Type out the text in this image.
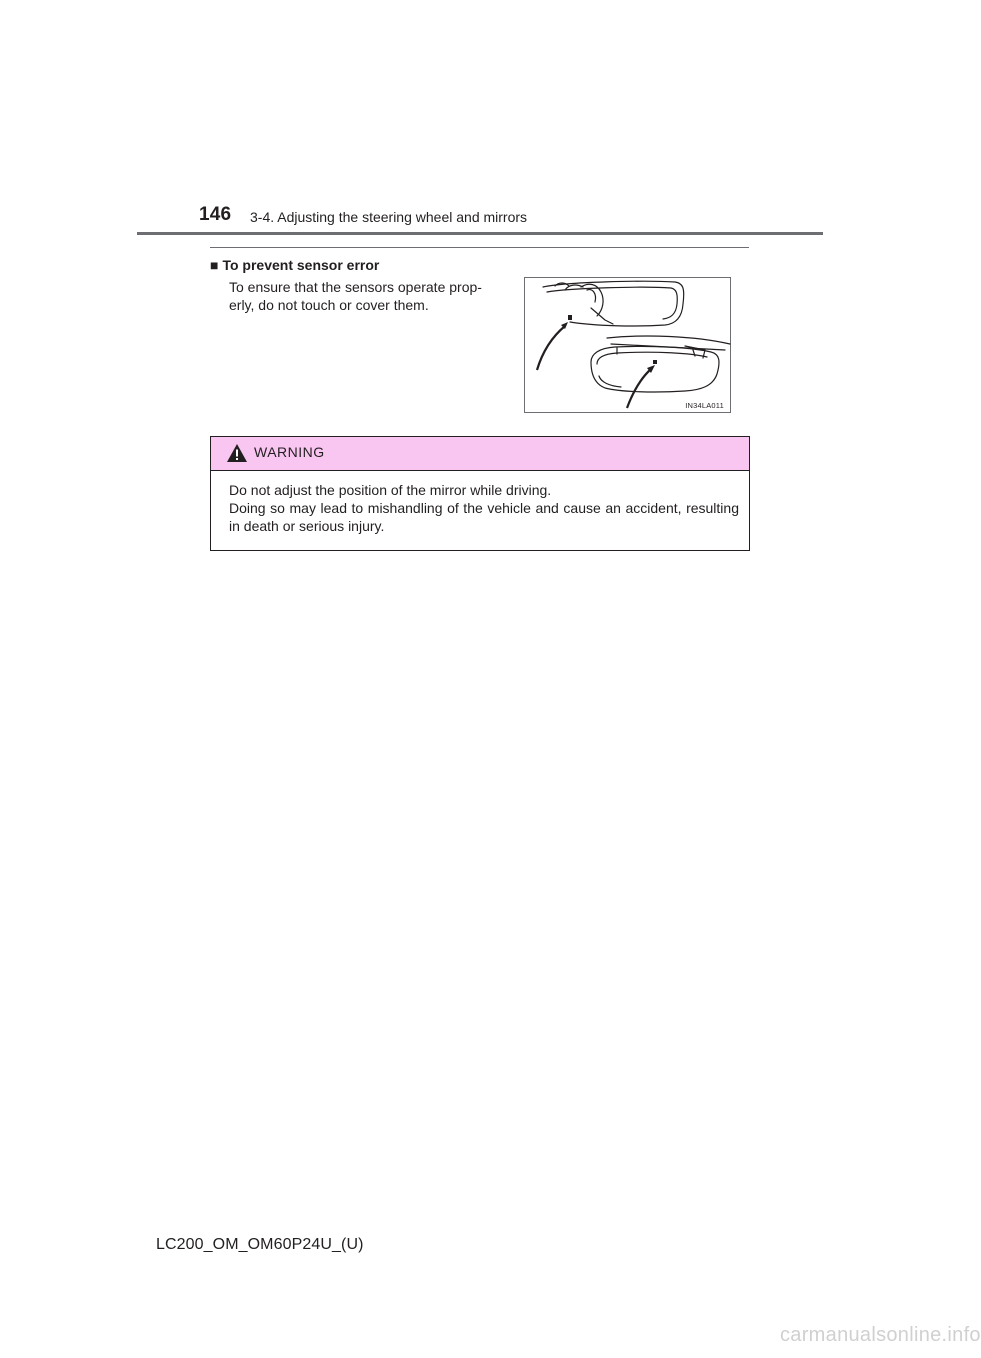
146 3-4. Adjusting the steering wheel and mirrors
■ To prevent sensor error

To ensure that the sensors operate prop-

erly, do not touch or cover them.

IN34LA011
WARNING

Do not adjust the position of the mirror while driving.

Doing so may lead to mishandling of the vehicle and cause an accident, resulting in death or serious injury.

LC200_OM_OM60P24U_(U)
carmanualsonline.info
